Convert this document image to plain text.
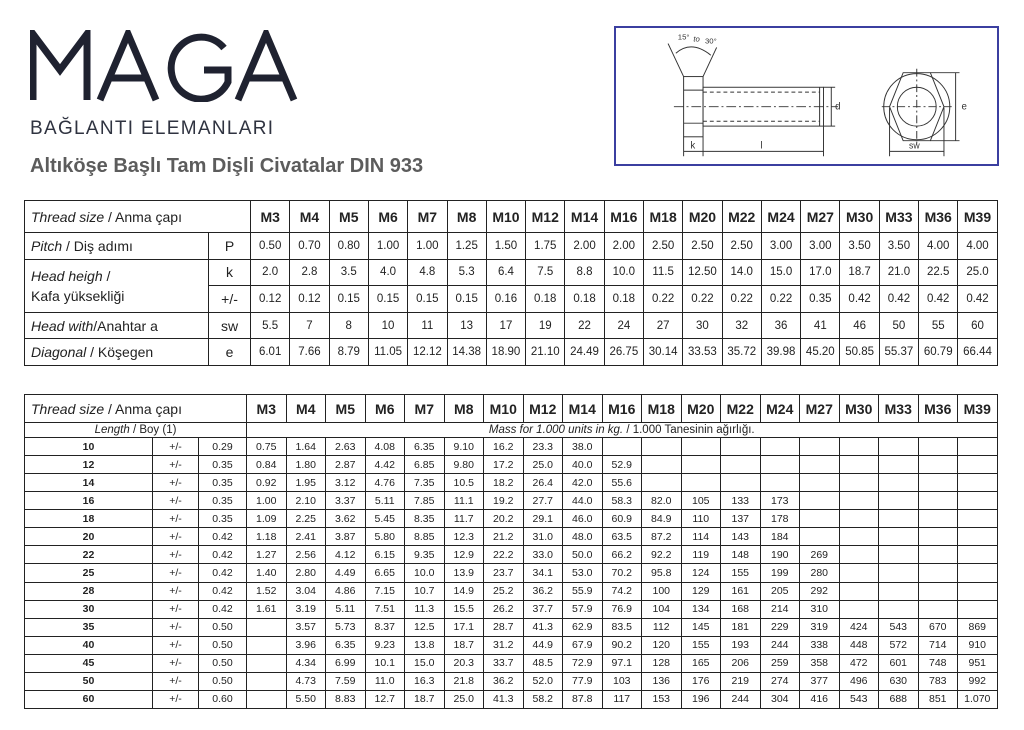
BAĞLANTI ELEMANLARI
Altıköşe Başlı Tam Dişli Civatalar DIN 933
15° to 30°
d
k	l
e
sw
Thread size / Anma çapı		M3	M4	M5	M6	M7	M8	M10	M12	M14	M16	M18	M20	M22	M24	M27	M30	M33	M36	M39
Pitch / Diş adımı	P	0.50	0.70	0.80	1.00	1.00	1.25	1.50	1.75	2.00	2.00	2.50	2.50	2.50	3.00	3.00	3.50	3.50	4.00	4.00
Head heigh /
Kafa yüksekliği	k	2.0	2.8	3.5	4.0	4.8	5.3	6.4	7.5	8.8	10.0	11.5	12.50	14.0	15.0	17.0	18.7	21.0	22.5	25.0
	+/-	0.12	0.12	0.15	0.15	0.15	0.15	0.16	0.18	0.18	0.18	0.22	0.22	0.22	0.22	0.35	0.42	0.42	0.42	0.42
Head with/Anahtar a	sw	5.5	7	8	10	11	13	17	19	22	24	27	30	32	36	41	46	50	55	60
Diagonal / Köşegen	e	6.01	7.66	8.79	11.05	12.12	14.38	18.90	21.10	24.49	26.75	30.14	33.53	35.72	39.98	45.20	50.85	55.37	60.79	66.44
Thread size / Anma çapı			M3	M4	M5	M6	M7	M8	M10	M12	M14	M16	M18	M20	M22	M24	M27	M30	M33	M36	M39
Length / Boy (1)			Mass for 1.000 units in kg. / 1.000 Tanesinin ağırlığı.																		
10	+/-	0.29	0.75	1.64	2.63	4.08	6.35	9.10	16.2	23.3	38.0										
12	+/-	0.35	0.84	1.80	2.87	4.42	6.85	9.80	17.2	25.0	40.0	52.9									
14	+/-	0.35	0.92	1.95	3.12	4.76	7.35	10.5	18.2	26.4	42.0	55.6									
16	+/-	0.35	1.00	2.10	3.37	5.11	7.85	11.1	19.2	27.7	44.0	58.3	82.0	105	133	173					
18	+/-	0.35	1.09	2.25	3.62	5.45	8.35	11.7	20.2	29.1	46.0	60.9	84.9	110	137	178					
20	+/-	0.42	1.18	2.41	3.87	5.80	8.85	12.3	21.2	31.0	48.0	63.5	87.2	114	143	184					
22	+/-	0.42	1.27	2.56	4.12	6.15	9.35	12.9	22.2	33.0	50.0	66.2	92.2	119	148	190	269				
25	+/-	0.42	1.40	2.80	4.49	6.65	10.0	13.9	23.7	34.1	53.0	70.2	95.8	124	155	199	280				
28	+/-	0.42	1.52	3.04	4.86	7.15	10.7	14.9	25.2	36.2	55.9	74.2	100	129	161	205	292				
30	+/-	0.42	1.61	3.19	5.11	7.51	11.3	15.5	26.2	37.7	57.9	76.9	104	134	168	214	310				
35	+/-	0.50		3.57	5.73	8.37	12.5	17.1	28.7	41.3	62.9	83.5	112	145	181	229	319	424	543	670	869
40	+/-	0.50		3.96	6.35	9.23	13.8	18.7	31.2	44.9	67.9	90.2	120	155	193	244	338	448	572	714	910
45	+/-	0.50		4.34	6.99	10.1	15.0	20.3	33.7	48.5	72.9	97.1	128	165	206	259	358	472	601	748	951
50	+/-	0.50		4.73	7.59	11.0	16.3	21.8	36.2	52.0	77.9	103	136	176	219	274	377	496	630	783	992
60	+/-	0.60		5.50	8.83	12.7	18.7	25.0	41.3	58.2	87.8	117	153	196	244	304	416	543	688	851	1.070
